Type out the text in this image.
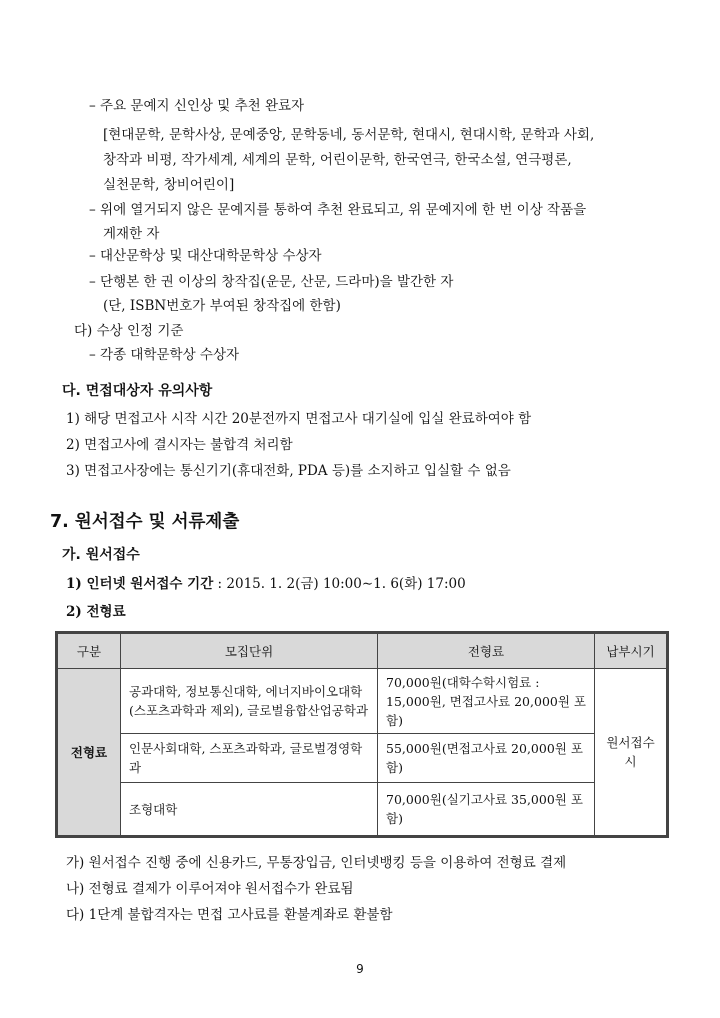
– 주요 문예지 신인상 및 추천 완료자
[현대문학, 문학사상, 문예중앙, 문학동네, 동서문학, 현대시, 현대시학, 문학과 사회,
창작과 비평, 작가세계, 세계의 문학, 어린이문학, 한국연극, 한국소설, 연극평론,
실천문학, 창비어린이]
– 위에 열거되지 않은 문예지를 통하여 추천 완료되고, 위 문예지에 한 번 이상 작품을
게재한 자
– 대산문학상 및 대산대학문학상 수상자
– 단행본 한 권 이상의 창작집(운문, 산문, 드라마)을 발간한 자
(단, ISBN번호가 부여된 창작집에 한함)
다) 수상 인정 기준
– 각종 대학문학상 수상자
다. 면접대상자 유의사항
1) 해당 면접고사 시작 시간 20분전까지 면접고사 대기실에 입실 완료하여야 함
2) 면접고사에 결시자는 불합격 처리함
3) 면접고사장에는 통신기기(휴대전화, PDA 등)를 소지하고 입실할 수 없음
7. 원서접수 및 서류제출
가. 원서접수
1) 인터넷 원서접수 기간 : 2015. 1. 2(금) 10:00∼1. 6(화) 17:00
2) 전형료
구분	모집단위	전형료	납부시기
전형료	공과대학, 정보통신대학, 에너지바이오대학(스포츠과학과 제외), 글로벌융합산업공학과	70,000원(대학수학시험료 : 15,000원, 면접고사료 20,000원 포함)	원서접수 시
	인문사회대학, 스포츠과학과, 글로벌경영학과	55,000원(면접고사료 20,000원 포함)	
	조형대학	70,000원(실기고사료 35,000원 포함)	
가) 원서접수 진행 중에 신용카드, 무통장입금, 인터넷뱅킹 등을 이용하여 전형료 결제
나) 전형료 결제가 이루어져야 원서접수가 완료됨
다) 1단계 불합격자는 면접 고사료를 환불계좌로 환불함
9
